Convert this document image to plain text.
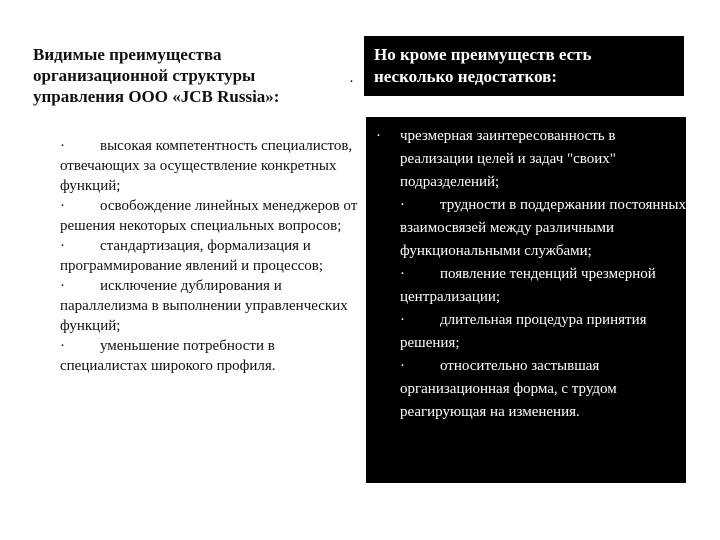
Видимые преимущества
организационной структуры
управления ООО «JCB Russia»:
· высокая компетентность специалистов, отвечающих за осуществление конкретных функций;
· освобождение линейных менеджеров от решения некоторых специальных вопросов;
· стандартизация, формализация и программирование явлений и процессов;
· исключение дублирования и параллелизма в выполнении управленческих функций;
· уменьшение потребности в специалистах широкого профиля.
·
Но кроме преимуществ есть
несколько недостатков:
· чрезмерная заинтересованность в реализации целей и задач "своих" подразделений;
· трудности в поддержании постоянных взаимосвязей между различными функциональными службами;
· появление тенденций чрезмерной централизации;
· длительная процедура принятия решения;
· относительно застывшая организационная форма, с трудом реагирующая на изменения.
